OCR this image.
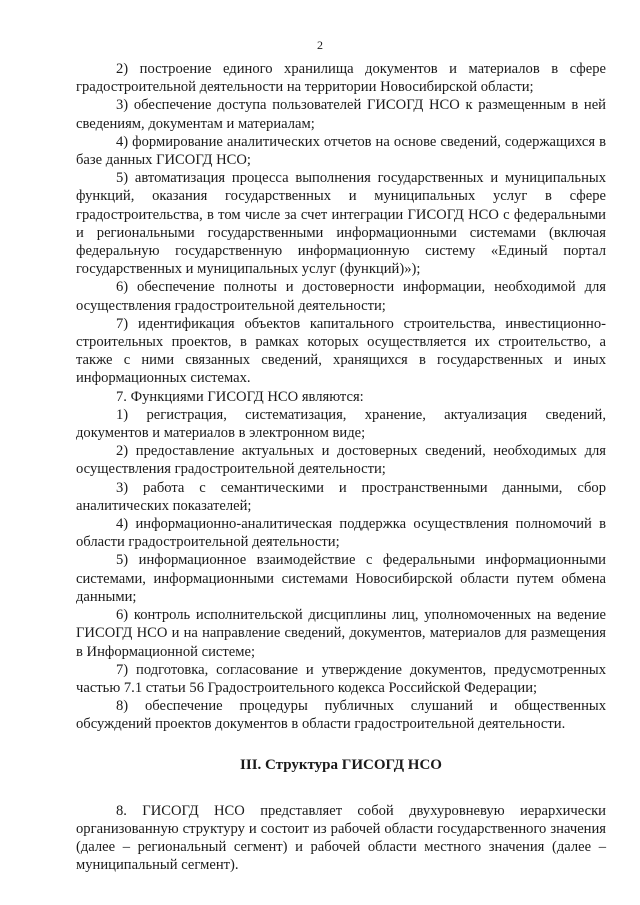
2

2) построение единого хранилища документов и материалов в сфере градостроительной деятельности на территории Новосибирской области;

3) обеспечение доступа пользователей ГИСОГД НСО к размещенным в ней сведениям, документам и материалам;

4) формирование аналитических отчетов на основе сведений, содержащихся в базе данных ГИСОГД НСО;

5) автоматизация процесса выполнения государственных и муниципальных функций, оказания государственных и муниципальных услуг в сфере градостроительства, в том числе за счет интеграции ГИСОГД НСО с федеральными и региональными государственными информационными системами (включая федеральную государственную информационную систему «Единый портал государственных и муниципальных услуг (функций)»);

6) обеспечение полноты и достоверности информации, необходимой для осуществления градостроительной деятельности;

7) идентификация объектов капитального строительства, инвестиционно-строительных проектов, в рамках которых осуществляется их строительство, а также с ними связанных сведений, хранящихся в государственных и иных информационных системах.

7. Функциями ГИСОГД НСО являются:

1) регистрация, систематизация, хранение, актуализация сведений, документов и материалов в электронном виде;

2) предоставление актуальных и достоверных сведений, необходимых для осуществления градостроительной деятельности;

3) работа с семантическими и пространственными данными, сбор аналитических показателей;

4) информационно-аналитическая поддержка осуществления полномочий в области градостроительной деятельности;

5) информационное взаимодействие с федеральными информационными системами, информационными системами Новосибирской области путем обмена данными;

6) контроль исполнительской дисциплины лиц, уполномоченных на ведение ГИСОГД НСО и на направление сведений, документов, материалов для размещения в Информационной системе;

7) подготовка, согласование и утверждение документов, предусмотренных частью 7.1 статьи 56 Градостроительного кодекса Российской Федерации;

8) обеспечение процедуры публичных слушаний и общественных обсуждений проектов документов в области градостроительной деятельности.

III. Структура ГИСОГД НСО

8. ГИСОГД НСО представляет собой двухуровневую иерархически организованную структуру и состоит из рабочей области государственного значения (далее – региональный сегмент) и рабочей области местного значения (далее – муниципальный сегмент).
